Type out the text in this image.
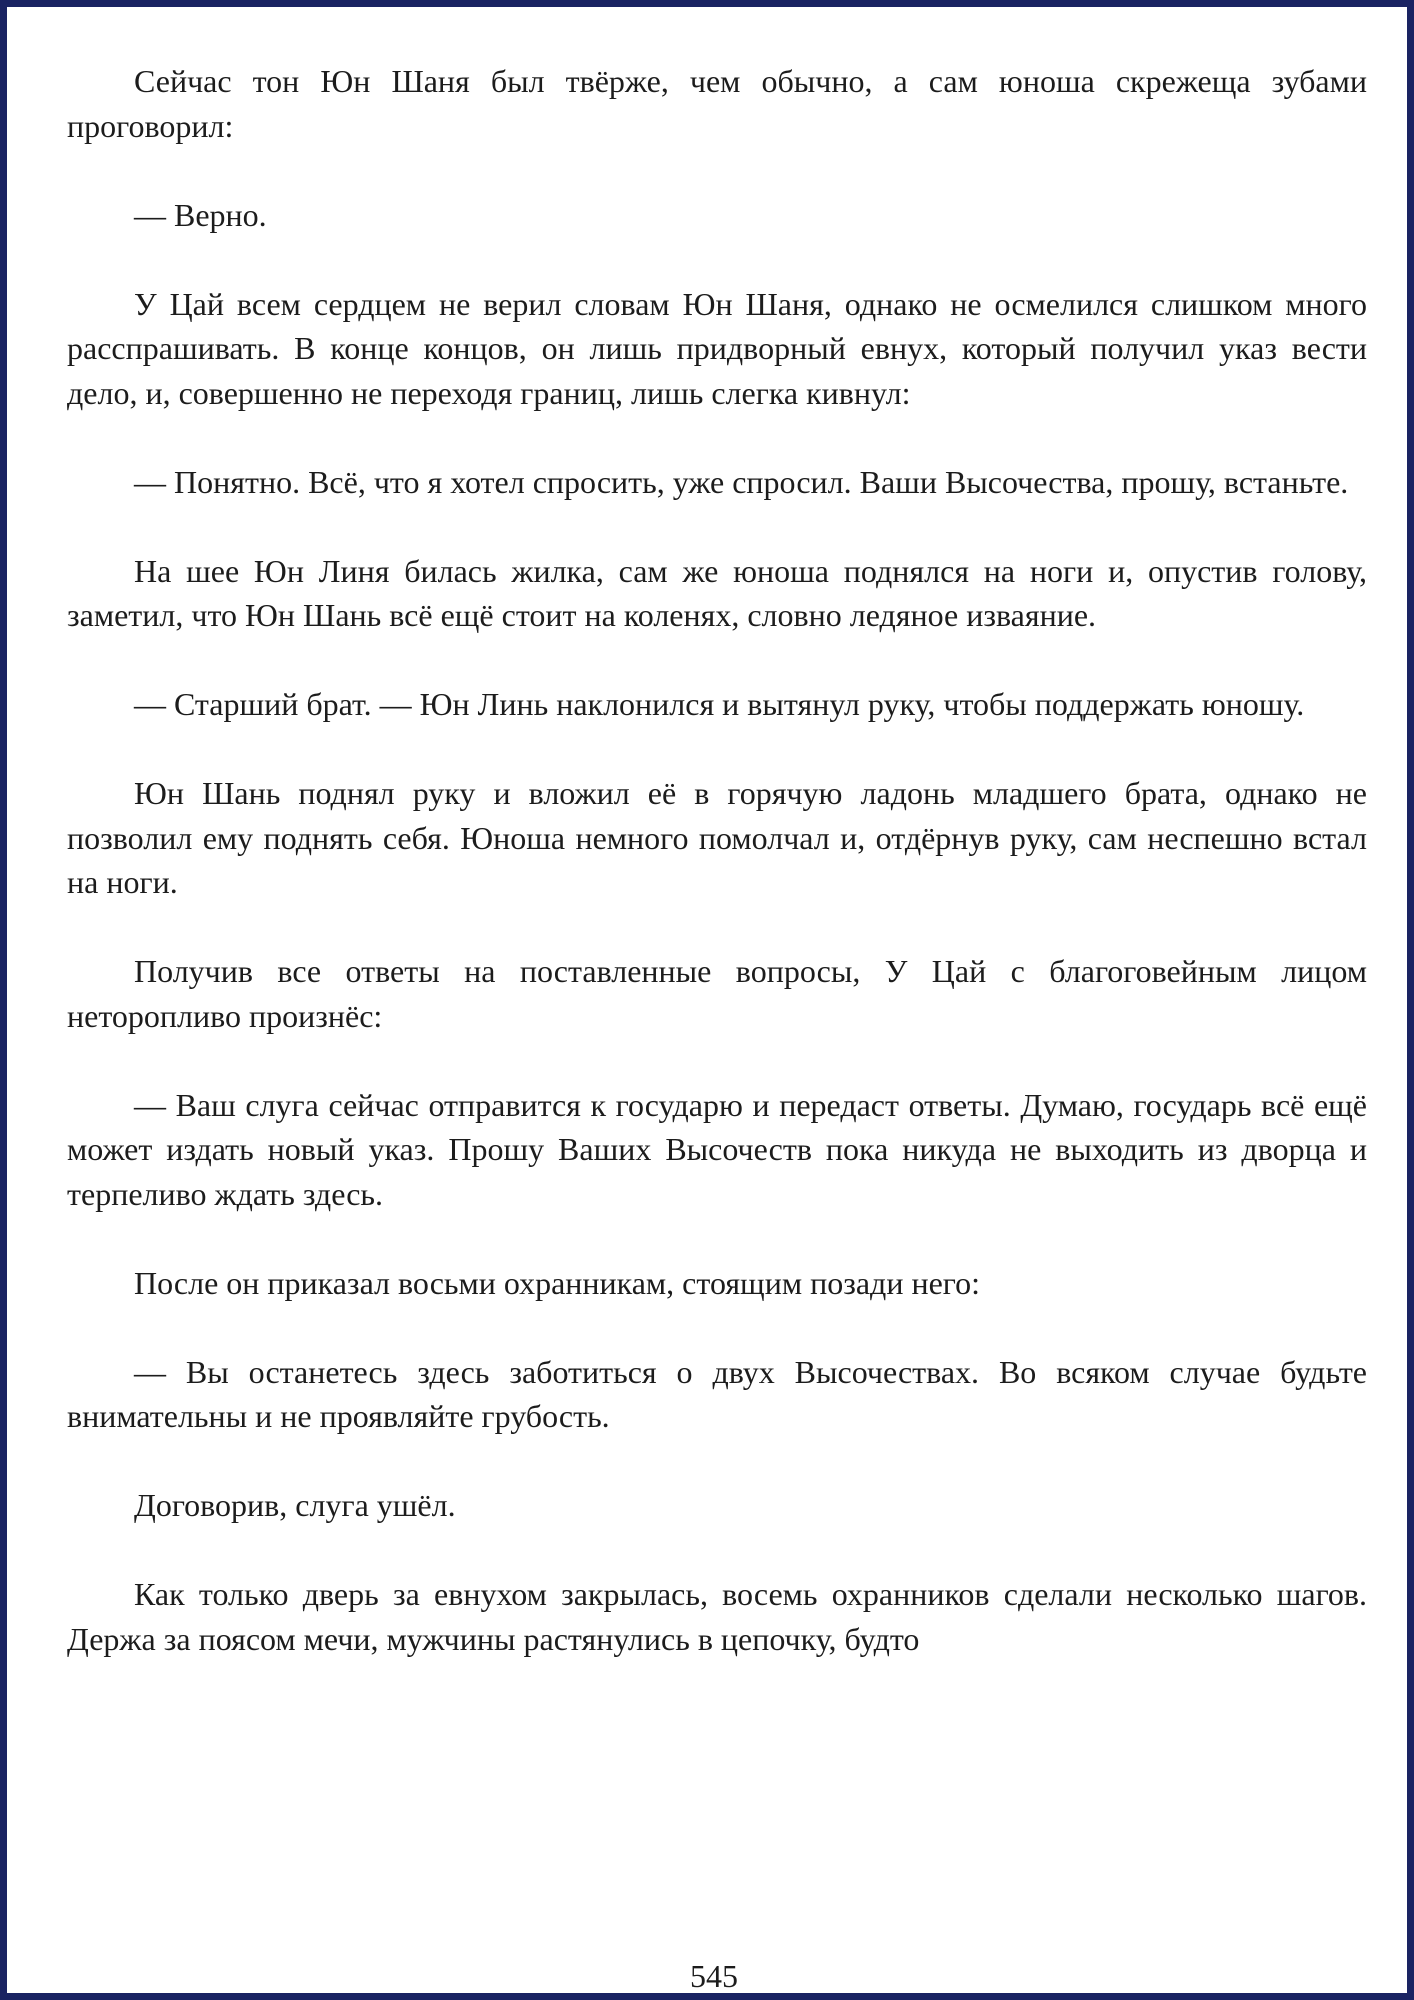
Сейчас тон Юн Шаня был твёрже, чем обычно, а сам юноша скрежеща зубами проговорил:

— Верно.

У Цай всем сердцем не верил словам Юн Шаня, однако не осмелился слишком много расспрашивать. В конце концов, он лишь придворный евнух, который получил указ вести дело, и, совершенно не переходя границ, лишь слегка кивнул:

— Понятно. Всё, что я хотел спросить, уже спросил. Ваши Высочества, прошу, встаньте.

На шее Юн Линя билась жилка, сам же юноша поднялся на ноги и, опустив голову, заметил, что Юн Шань всё ещё стоит на коленях, словно ледяное изваяние.

— Старший брат. — Юн Линь наклонился и вытянул руку, чтобы поддержать юношу.

Юн Шань поднял руку и вложил её в горячую ладонь младшего брата, однако не позволил ему поднять себя. Юноша немного помолчал и, отдёрнув руку, сам неспешно встал на ноги.

Получив все ответы на поставленные вопросы, У Цай с благоговейным лицом неторопливо произнёс:

— Ваш слуга сейчас отправится к государю и передаст ответы. Думаю, государь всё ещё может издать новый указ. Прошу Ваших Высочеств пока никуда не выходить из дворца и терпеливо ждать здесь.

После он приказал восьми охранникам, стоящим позади него:

— Вы останетесь здесь заботиться о двух Высочествах. Во всяком случае будьте внимательны и не проявляйте грубость.

Договорив, слуга ушёл.

Как только дверь за евнухом закрылась, восемь охранников сделали несколько шагов. Держа за поясом мечи, мужчины растянулись в цепочку, будто

545
